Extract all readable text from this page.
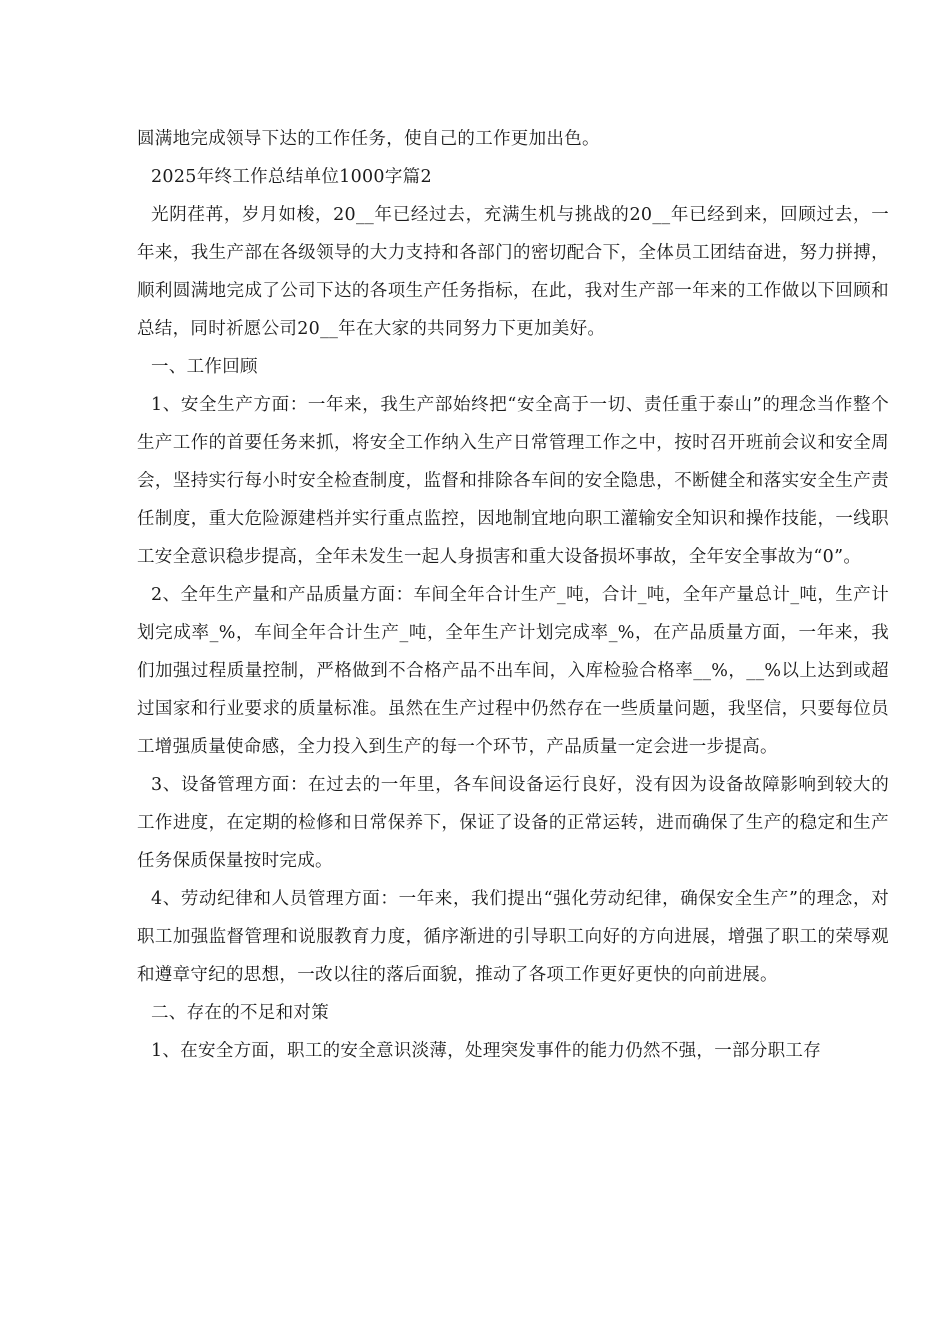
圆满地完成领导下达的工作任务，使自己的工作更加出色。

2025年终工作总结单位1000字篇2

光阴荏苒，岁月如梭，20__年已经过去，充满生机与挑战的20__年已经到来，回顾过去，一年来，我生产部在各级领导的大力支持和各部门的密切配合下，全体员工团结奋进，努力拼搏，顺利圆满地完成了公司下达的各项生产任务指标，在此，我对生产部一年来的工作做以下回顾和总结，同时祈愿公司20__年在大家的共同努力下更加美好。

一、工作回顾

1、安全生产方面：一年来，我生产部始终把“安全高于一切、责任重于泰山”的理念当作整个生产工作的首要任务来抓，将安全工作纳入生产日常管理工作之中，按时召开班前会议和安全周会，坚持实行每小时安全检查制度，监督和排除各车间的安全隐患，不断健全和落实安全生产责任制度，重大危险源建档并实行重点监控，因地制宜地向职工灌输安全知识和操作技能，一线职工安全意识稳步提高，全年未发生一起人身损害和重大设备损坏事故，全年安全事故为“0”。

2、全年生产量和产品质量方面：车间全年合计生产_吨，合计_吨，全年产量总计_吨，生产计划完成率_%，车间全年合计生产_吨，全年生产计划完成率_%，在产品质量方面，一年来，我们加强过程质量控制，严格做到不合格产品不出车间，入库检验合格率__%，__%以上达到或超过国家和行业要求的质量标准。虽然在生产过程中仍然存在一些质量问题，我坚信，只要每位员工增强质量使命感，全力投入到生产的每一个环节，产品质量一定会进一步提高。

3、设备管理方面：在过去的一年里，各车间设备运行良好，没有因为设备故障影响到较大的工作进度，在定期的检修和日常保养下，保证了设备的正常运转，进而确保了生产的稳定和生产任务保质保量按时完成。

4、劳动纪律和人员管理方面：一年来，我们提出“强化劳动纪律，确保安全生产”的理念，对职工加强监督管理和说服教育力度，循序渐进的引导职工向好的方向进展，增强了职工的荣辱观和遵章守纪的思想，一改以往的落后面貌，推动了各项工作更好更快的向前进展。

二、存在的不足和对策

1、在安全方面，职工的安全意识淡薄，处理突发事件的能力仍然不强，一部分职工存
